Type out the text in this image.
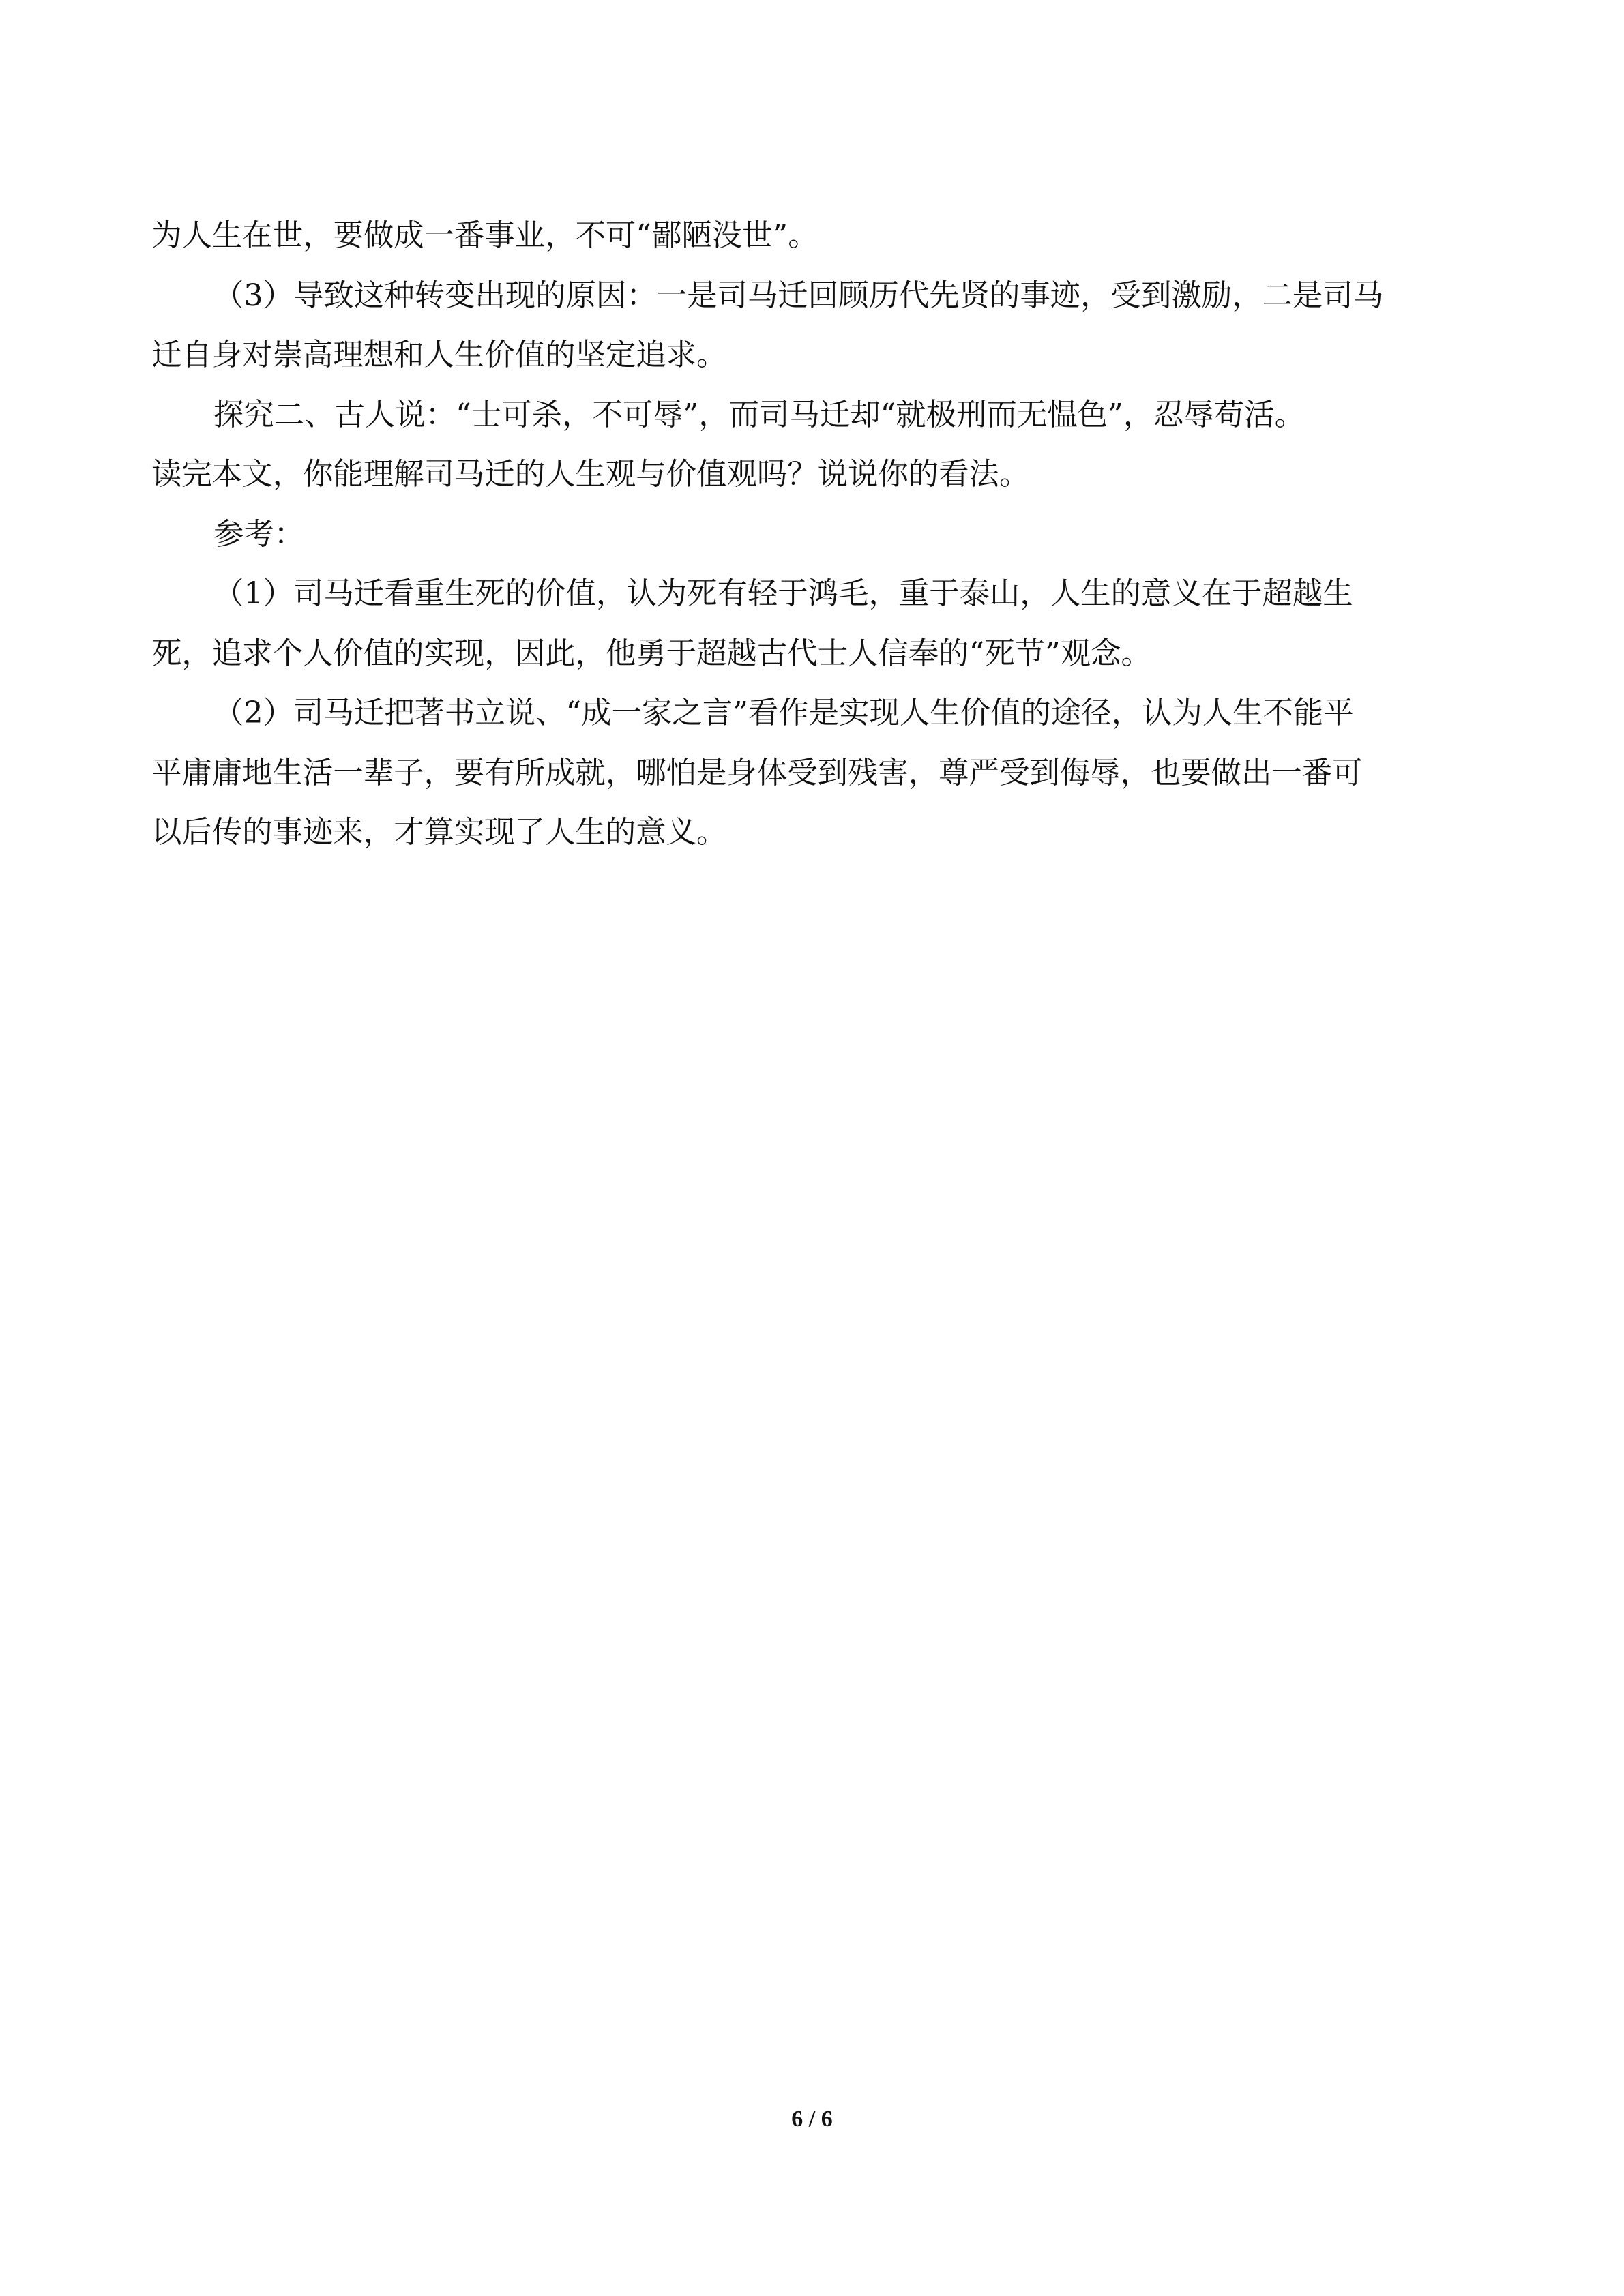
为人生在世，要做成一番事业，不可“鄙陋没世”。

（3）导致这种转变出现的原因：一是司马迁回顾历代先贤的事迹，受到激励，二是司马
迁自身对崇高理想和人生价值的坚定追求。

探究二、古人说：“士可杀，不可辱”，而司马迁却“就极刑而无愠色”，忍辱苟活。
读完本文，你能理解司马迁的人生观与价值观吗？说说你的看法。

参考：

（1）司马迁看重生死的价值，认为死有轻于鸿毛，重于泰山，人生的意义在于超越生
死，追求个人价值的实现，因此，他勇于超越古代士人信奉的“死节”观念。

（2）司马迁把著书立说、“成一家之言”看作是实现人生价值的途径，认为人生不能平
平庸庸地生活一辈子，要有所成就，哪怕是身体受到残害，尊严受到侮辱，也要做出一番可
以后传的事迹来，才算实现了人生的意义。

6 / 6
